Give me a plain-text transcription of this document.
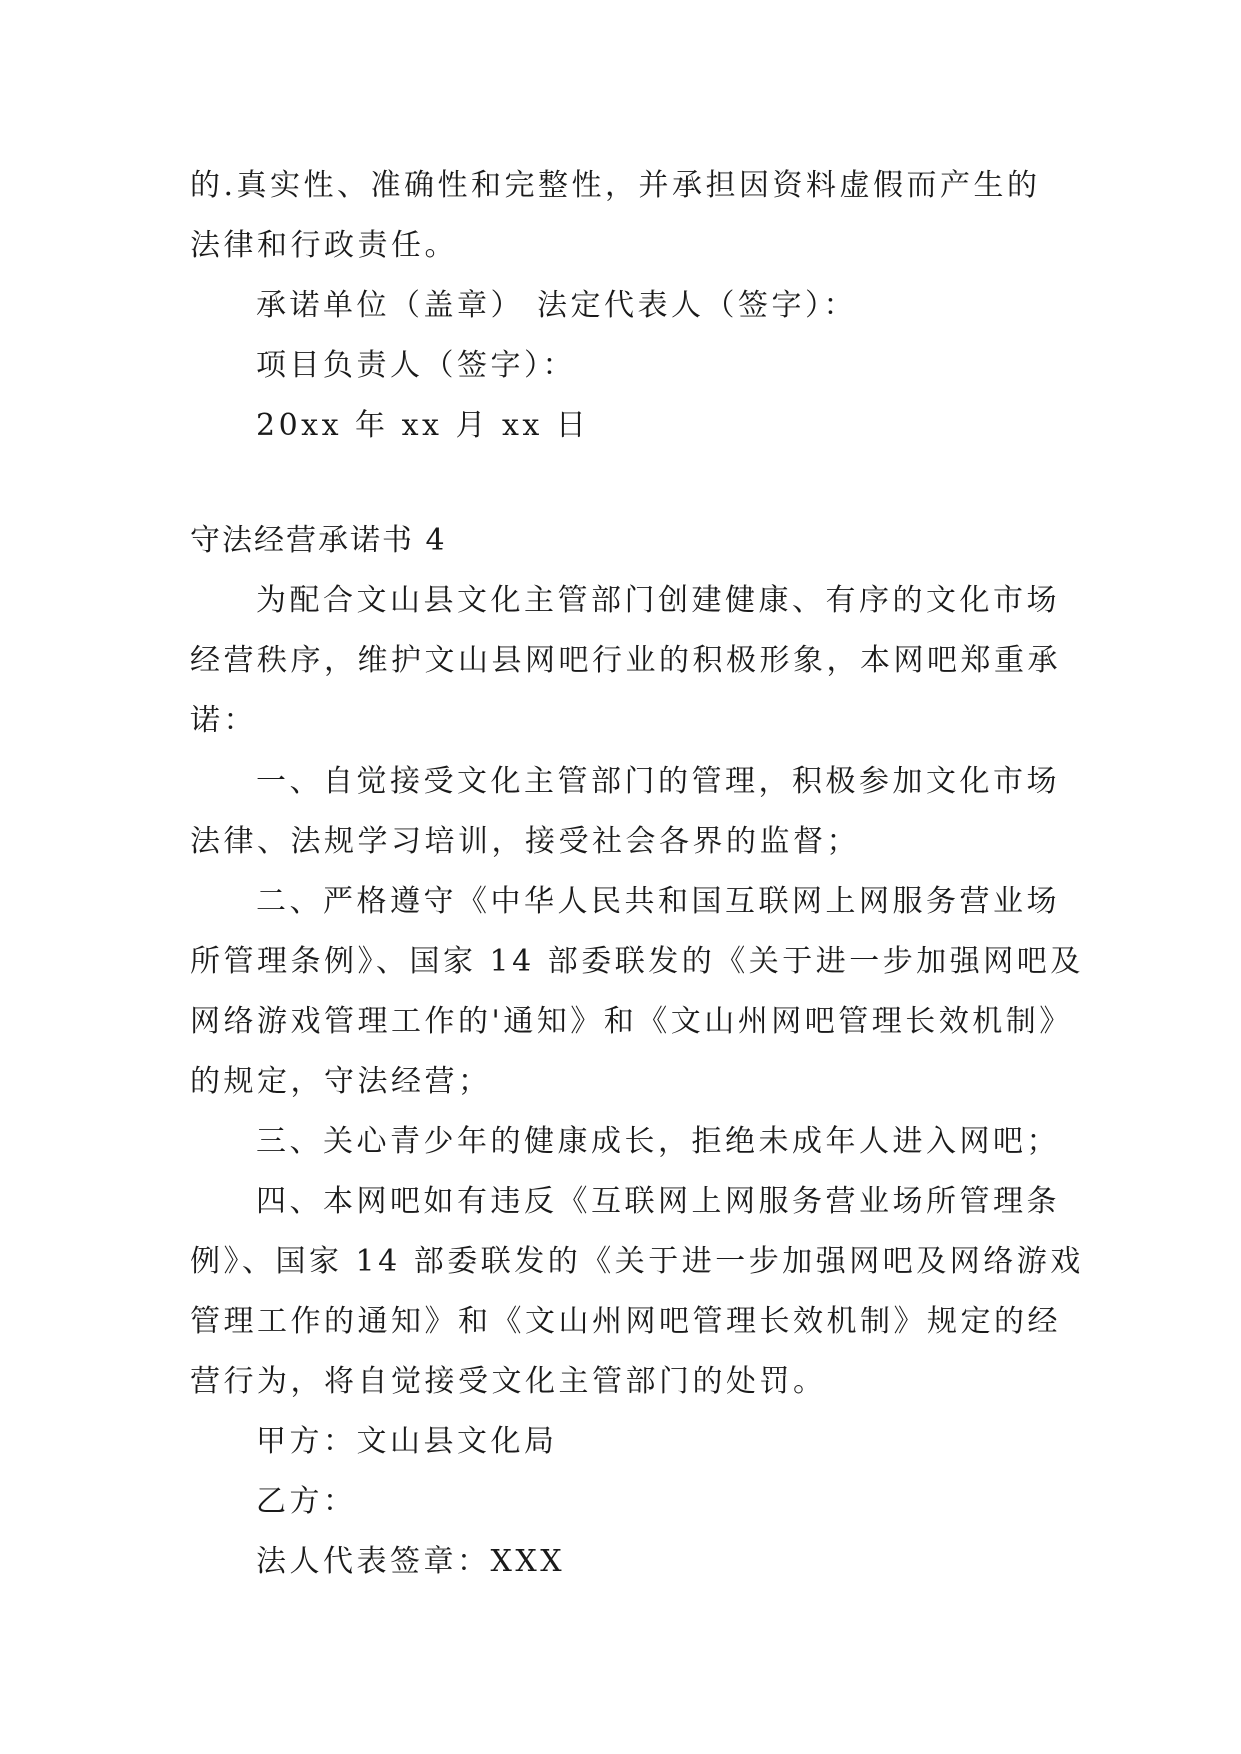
的.真实性、准确性和完整性，并承担因资料虚假而产生的
法律和行政责任。
承诺单位（盖章） 法定代表人（签字）：
项目负责人（签字）：
20xx 年 xx 月 xx 日
守法经营承诺书 4
为配合文山县文化主管部门创建健康、有序的文化市场
经营秩序，维护文山县网吧行业的积极形象，本网吧郑重承
诺：
一、自觉接受文化主管部门的管理，积极参加文化市场
法律、法规学习培训，接受社会各界的监督；
二、严格遵守《中华人民共和国互联网上网服务营业场
所管理条例》、国家 14 部委联发的《关于进一步加强网吧及
网络游戏管理工作的'通知》和《文山州网吧管理长效机制》
的规定，守法经营；
三、关心青少年的健康成长，拒绝未成年人进入网吧；
四、本网吧如有违反《互联网上网服务营业场所管理条
例》、国家 14 部委联发的《关于进一步加强网吧及网络游戏
管理工作的通知》和《文山州网吧管理长效机制》规定的经
营行为，将自觉接受文化主管部门的处罚。
甲方：文山县文化局
乙方：
法人代表签章：XXX
